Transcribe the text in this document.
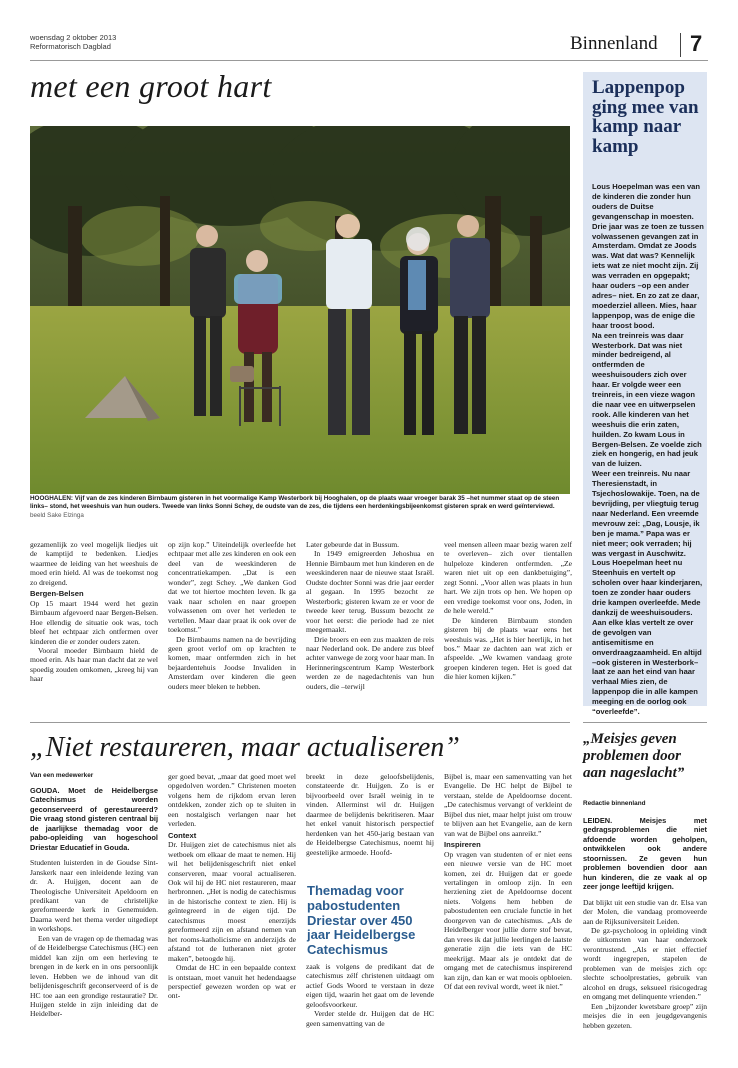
woensdag 2 oktober 2013
Reformatorisch Dagblad	Binnenland 7
met een groot hart
HOOGHALEN: Vijf van de zes kinderen Birnbaum gisteren in het voormalige Kamp Westerbork bij Hooghalen, op de plaats waar vroeger barak 35 –het nummer staat op de steen links– stond, het weeshuis van hun ouders. Tweede van links Sonni Schey, de oudste van de zes, die tijdens een herdenkingsbijeenkomst gisteren sprak en werd geïnterviewd. beeld Sake Elzinga

gezamenlijk zo veel mogelijk liedjes uit de kamptijd te bedenken. Liedjes waarmee de leiding van het weeshuis de moed erin hield. Al was de toekomst nog zo dreigend.

Bergen-Belsen

Op 15 maart 1944 werd het gezin Birnbaum afgevoerd naar Bergen-Belsen. Hoe ellendig de situatie ook was, toch bleef het echtpaar zich ontfermen over kinderen die er zonder ouders zaten.

Vooral moeder Birnbaum hield de moed erin. Als haar man dacht dat ze wel spoedig zouden omkomen, „kreeg hij van haar

op zijn kop.” Uiteindelijk overleefde het echtpaar met alle zes kinderen en ook een deel van de weeskinderen de concentratiekampen. „Dat is een wonder”, zegt Schey. „We danken God dat we tot hiertoe mochten leven. Ik ga vaak naar scholen en naar groepen volwassenen om over het verleden te vertellen. Maar daar praat ik ook over de toekomst.”

De Birnbaums namen na de bevrijding geen groot verlof om op krachten te komen, maar ontfermden zich in het bejaardentehuis Joodse Invaliden in Amsterdam over kinderen die geen ouders meer bleken te hebben.

Later gebeurde dat in Bussum.

In 1949 emigreerden Jehoshua en Hennie Birnbaum met hun kinderen en de weeskinderen naar de nieuwe staat Israël. Oudste dochter Sonni was drie jaar eerder al gegaan. In 1995 bezocht ze Westerbork; gisteren kwam ze er voor de tweede keer terug. Bussum bezocht ze voor het eerst: die periode had ze niet meegemaakt.

Drie broers en een zus maakten de reis naar Nederland ook. De andere zus bleef achter vanwege de zorg voor haar man. In Herinneringscentrum Kamp Westerbork werden ze de nagedachtenis van hun ouders, die –terwijl

veel mensen alleen maar bezig waren zelf te overleven– zich over tientallen hulpeloze kinderen ontfermden. „Ze waren niet uit op een dankbetuiging”, zegt Sonni. „Voor allen was plaats in hun hart. We zijn trots op hen. We hopen op een vredige toekomst voor ons, Joden, in de hele wereld.”

De kinderen Birnbaum stonden gisteren bij de plaats waar eens het weeshuis was. „Het is hier heerlijk, in het bos.” Maar ze dachten aan wat zich er afspeelde. „We kwamen vandaag grote groepen kinderen tegen. Het is goed dat die hier komen kijken.”

Lappenpop ging mee van kamp naar kamp

Lous Hoepelman was een van de kinderen die zonder hun ouders de Duitse gevangenschap in moesten. Drie jaar was ze toen ze tussen volwassenen gevangen zat in Amsterdam. Omdat ze Joods was. Wat dat was? Kennelijk iets wat ze niet mocht zijn. Zij was verraden en opgepakt; haar ouders –op een ander adres– niet. En zo zat ze daar, moederziel alleen. Mies, haar lappenpop, was de enige die haar troost bood.

Na een treinreis was daar Westerbork. Dat was niet minder bedreigend, al ontfermden de weeshuisouders zich over haar. Er volgde weer een treinreis, in een vieze wagon die naar vee en uitwerpselen rook. Alle kinderen van het weeshuis die erin zaten, huilden. Zo kwam Lous in Bergen-Belsen. Ze voelde zich ziek en hongerig, en had jeuk van de luizen.

Weer een treinreis. Nu naar Theresienstadt, in Tsjechoslowakije. Toen, na de bevrijding, per vliegtuig terug naar Nederland. Een vreemde mevrouw zei: „Dag, Lousje, ik ben je mama.” Papa was er niet meer; ook verraden; hij was vergast in Auschwitz.

Lous Hoepelman heet nu Steenhuis en vertelt op scholen over haar kinderjaren, toen ze zonder haar ouders drie kampen overleefde. Mede dankzij de weeshuisouders.

Aan elke klas vertelt ze over de gevolgen van antisemitisme en onverdraagzaamheid. En altijd –ook gisteren in Westerbork– laat ze aan het eind van haar verhaal Mies zien, de lappenpop die in alle kampen meeging en de oorlog ook “overleefde”.

„Niet restaureren, maar actualiseren”
Van een medewerker

GOUDA. Moet de Heidelbergse Catechismus worden geconserveerd of gerestaureerd? Die vraag stond gisteren centraal bij de jaarlijkse themadag voor de pabo-opleiding van hogeschool Driestar Educatief in Gouda.

Studenten luisterden in de Goudse Sint-Janskerk naar een inleidende lezing van dr. A. Huijgen, docent aan de Theologische Universiteit Apeldoorn en predikant van de christelijke gereformeerde kerk in Genemuiden. Daarna werd het thema verder uitgediept in workshops.

Een van de vragen op de themadag was of de Heidelbergse Catechismus (HC) een middel kan zijn om een herleving te brengen in de kerk en in ons persoonlijk leven. Hebben we de inhoud van dit belijdenisgeschrift geconserveerd of is de HC toe aan een grondige restauratie? Dr. Huijgen stelde in zijn inleiding dat de Heidelber-

ger goed bevat, „maar dat goed moet wel opgedolven worden.” Christenen moeten volgens hem de rijkdom ervan leren ontdekken, zonder zich op te sluiten in een nostalgisch verlangen naar het verleden.

Context

Dr. Huijgen ziet de catechismus niet als wetboek om elkaar de maat te nemen. Hij wil het belijdenisgeschrift niet enkel conserveren, maar vooral actualiseren. Ook wil hij de HC niet restaureren, maar herbronnen. „Het is nodig de catechismus in de historische context te zien. Hij is geïntegreerd in de eigen tijd. De catechismus moest enerzijds gereformeerd zijn en afstand nemen van het rooms-katholicisme en anderzijds de afstand tot de lutheranen niet groter maken”, betoogde hij.

Omdat de HC in een bepaalde context is ontstaan, moet vanuit het hedendaagse perspectief gewezen worden op wat er ont-

breekt in deze geloofsbelijdenis, constateerde dr. Huijgen. Zo is er bijvoorbeeld over Israël weinig in te vinden. Allerminst wil dr. Huijgen daarmee de belijdenis bekritiseren. Maar het enkel vanuit historisch perspectief herdenken van het 450-jarig bestaan van de Heidelbergse Catechismus, noemt hij geestelijke armoede. Hoofd-

Themadag voor pabostudenten Driestar over 450 jaar Heidelbergse Catechismus

zaak is volgens de predikant dat de catechismus zélf christenen uitdaagt om actief Gods Woord te verstaan in deze eigen tijd, waarin het gaat om de levende geloofsvoorkeur.

Verder stelde dr. Huijgen dat de HC geen samenvatting van de

Bijbel is, maar een samenvatting van het Evangelie. De HC helpt de Bijbel te verstaan, stelde de Apeldoornse docent. „De catechismus vervangt of verkleint de Bijbel dus niet, maar helpt juist om trouw te blijven aan het Evangelie, aan de kern van wat de Bijbel ons aanreikt.”

Inspireren

Op vragen van studenten of er niet eens een nieuwe versie van de HC moet komen, zei dr. Huijgen dat er goede vertalingen in omloop zijn. In een herziening ziet de Apeldoornse docent niets. Volgens hem hebben de pabostudenten een cruciale functie in het doorgeven van de catechismus. „Als de Heidelberger voor jullie dorre stof bevat, dan vrees ik dat jullie leerlingen de laatste generatie zijn die iets van de HC meekrijgt. Maar als je ontdekt dat de omgang met de catechismus inspirerend kan zijn, dan kan er wat moois opbloeien. Of dat een revival wordt, weet ik niet.”

„Meisjes geven problemen door aan nageslacht”
Redactie binnenland

LEIDEN.	Meisjes met gedragsproblemen die niet afdoende worden geholpen, ontwikkelen ook andere stoornissen. Ze geven hun problemen bovendien door aan hun kinderen, die ze vaak al op zeer jonge leeftijd krijgen.

Dat blijkt uit een studie van dr. Elsa van der Molen, die vandaag promoveerde aan de Rijksuniversiteit Leiden.

De gz-psycholoog in opleiding vindt de uitkomsten van haar onderzoek verontrustend. „Als er niet effectief wordt ingegrepen, stapelen de problemen van de meisjes zich op: slechte schoolprestaties, gebruik van alcohol en drugs, seksueel risicogedrag en omgang met delinquente vrienden.”

Een „bijzonder kwetsbare groep” zijn meisjes die in een jeugdgevangenis hebben gezeten.
